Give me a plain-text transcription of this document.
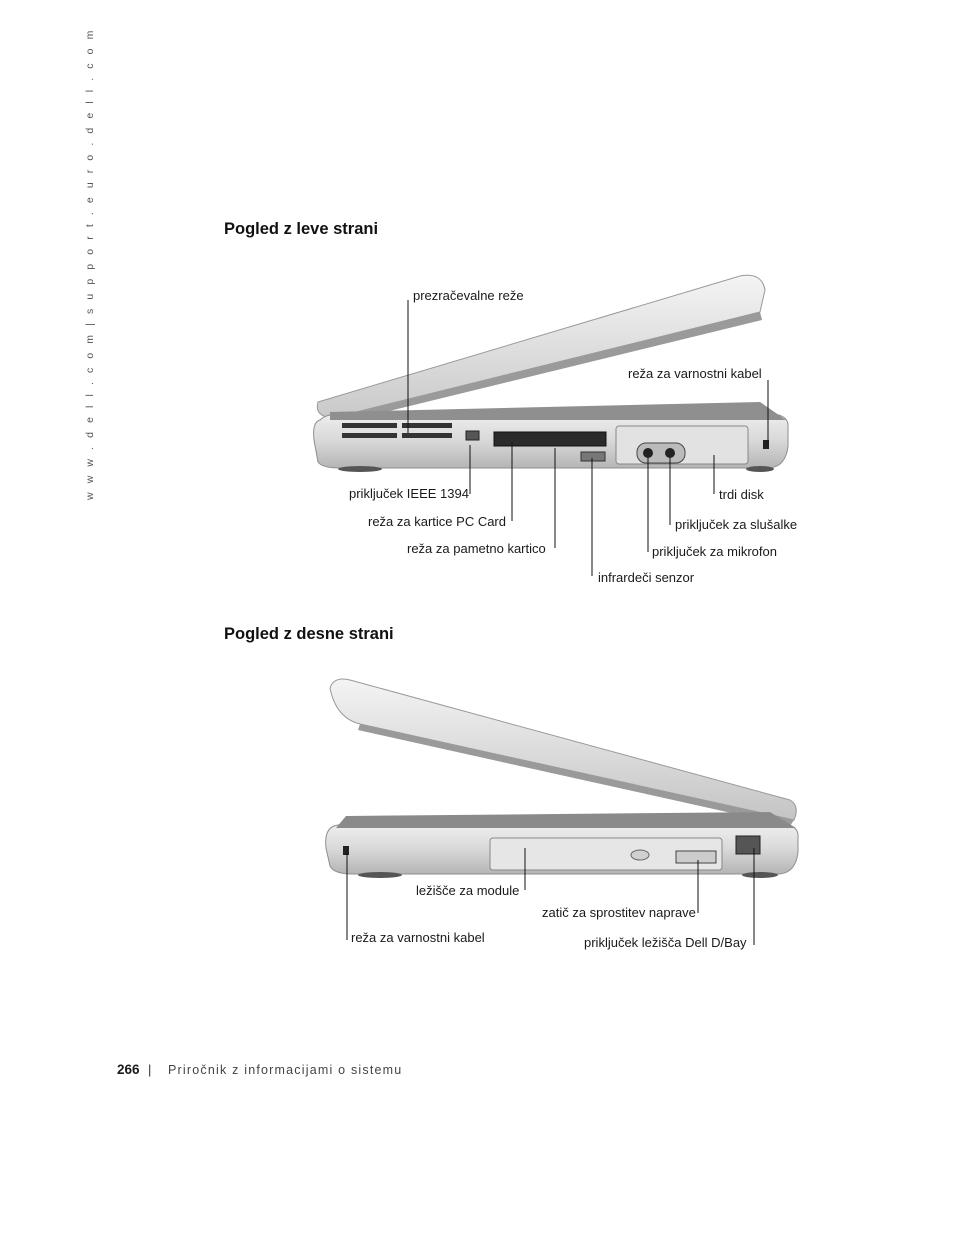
w w w . d e l l . c o m | s u p p o r t . e u r o . d e l l . c o m	Pogled z leve strani
prezračevalne reže
reža za varnostni kabel
priključek IEEE 1394
reža za kartice PC Card
reža za pametno kartico
infrardeči senzor
trdi disk
priključek za slušalke
priključek za mikrofon
Pogled z desne strani
ležišče za module
zatič za sprostitev naprave
reža za varnostni kabel	priključek ležišča Dell D/Bay
266 | Priročnik z informacijami o sistemu
